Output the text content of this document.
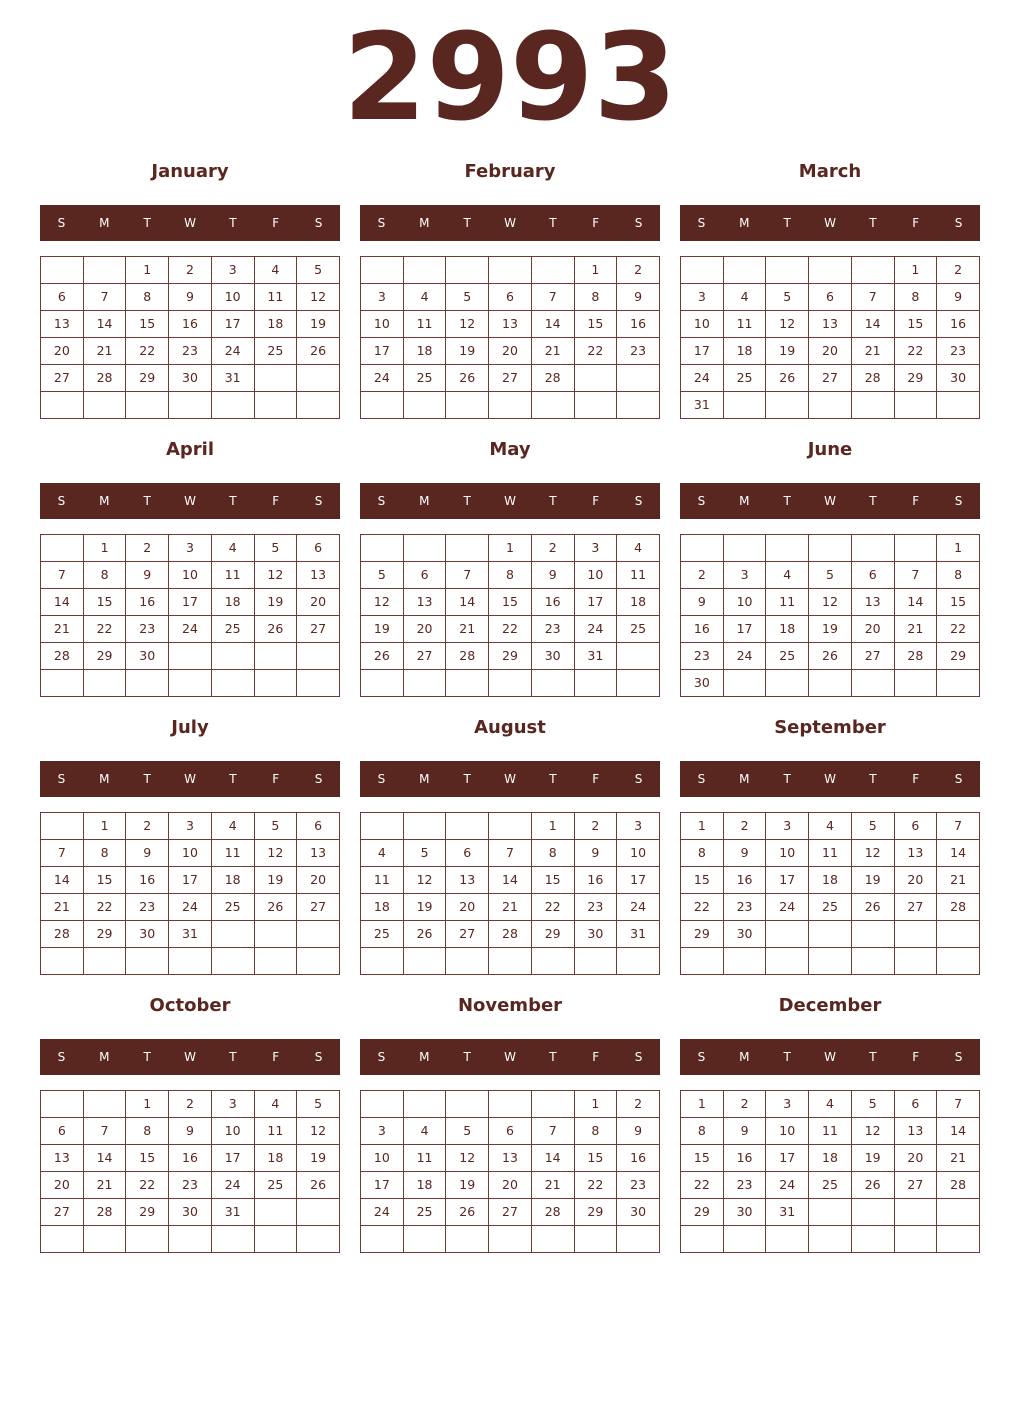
2993
January
S	M	T	W	T	F	S
		1	2	3	4	5
6	7	8	9	10	11	12
13	14	15	16	17	18	19
20	21	22	23	24	25	26
27	28	29	30	31		

February
S	M	T	W	T	F	S
					1	2
3	4	5	6	7	8	9
10	11	12	13	14	15	16
17	18	19	20	21	22	23
24	25	26	27	28		

March
S	M	T	W	T	F	S
					1	2
3	4	5	6	7	8	9
10	11	12	13	14	15	16
17	18	19	20	21	22	23
24	25	26	27	28	29	30
31						
April
S	M	T	W	T	F	S
	1	2	3	4	5	6
7	8	9	10	11	12	13
14	15	16	17	18	19	20
21	22	23	24	25	26	27
28	29	30				

May
S	M	T	W	T	F	S
			1	2	3	4
5	6	7	8	9	10	11
12	13	14	15	16	17	18
19	20	21	22	23	24	25
26	27	28	29	30	31	

June
S	M	T	W	T	F	S
						1
2	3	4	5	6	7	8
9	10	11	12	13	14	15
16	17	18	19	20	21	22
23	24	25	26	27	28	29
30						
July
S	M	T	W	T	F	S
	1	2	3	4	5	6
7	8	9	10	11	12	13
14	15	16	17	18	19	20
21	22	23	24	25	26	27
28	29	30	31			

August
S	M	T	W	T	F	S
				1	2	3
4	5	6	7	8	9	10
11	12	13	14	15	16	17
18	19	20	21	22	23	24
25	26	27	28	29	30	31

September
S	M	T	W	T	F	S
1	2	3	4	5	6	7
8	9	10	11	12	13	14
15	16	17	18	19	20	21
22	23	24	25	26	27	28
29	30					

October
S	M	T	W	T	F	S
		1	2	3	4	5
6	7	8	9	10	11	12
13	14	15	16	17	18	19
20	21	22	23	24	25	26
27	28	29	30	31		

November
S	M	T	W	T	F	S
					1	2
3	4	5	6	7	8	9
10	11	12	13	14	15	16
17	18	19	20	21	22	23
24	25	26	27	28	29	30

December
S	M	T	W	T	F	S
1	2	3	4	5	6	7
8	9	10	11	12	13	14
15	16	17	18	19	20	21
22	23	24	25	26	27	28
29	30	31				
